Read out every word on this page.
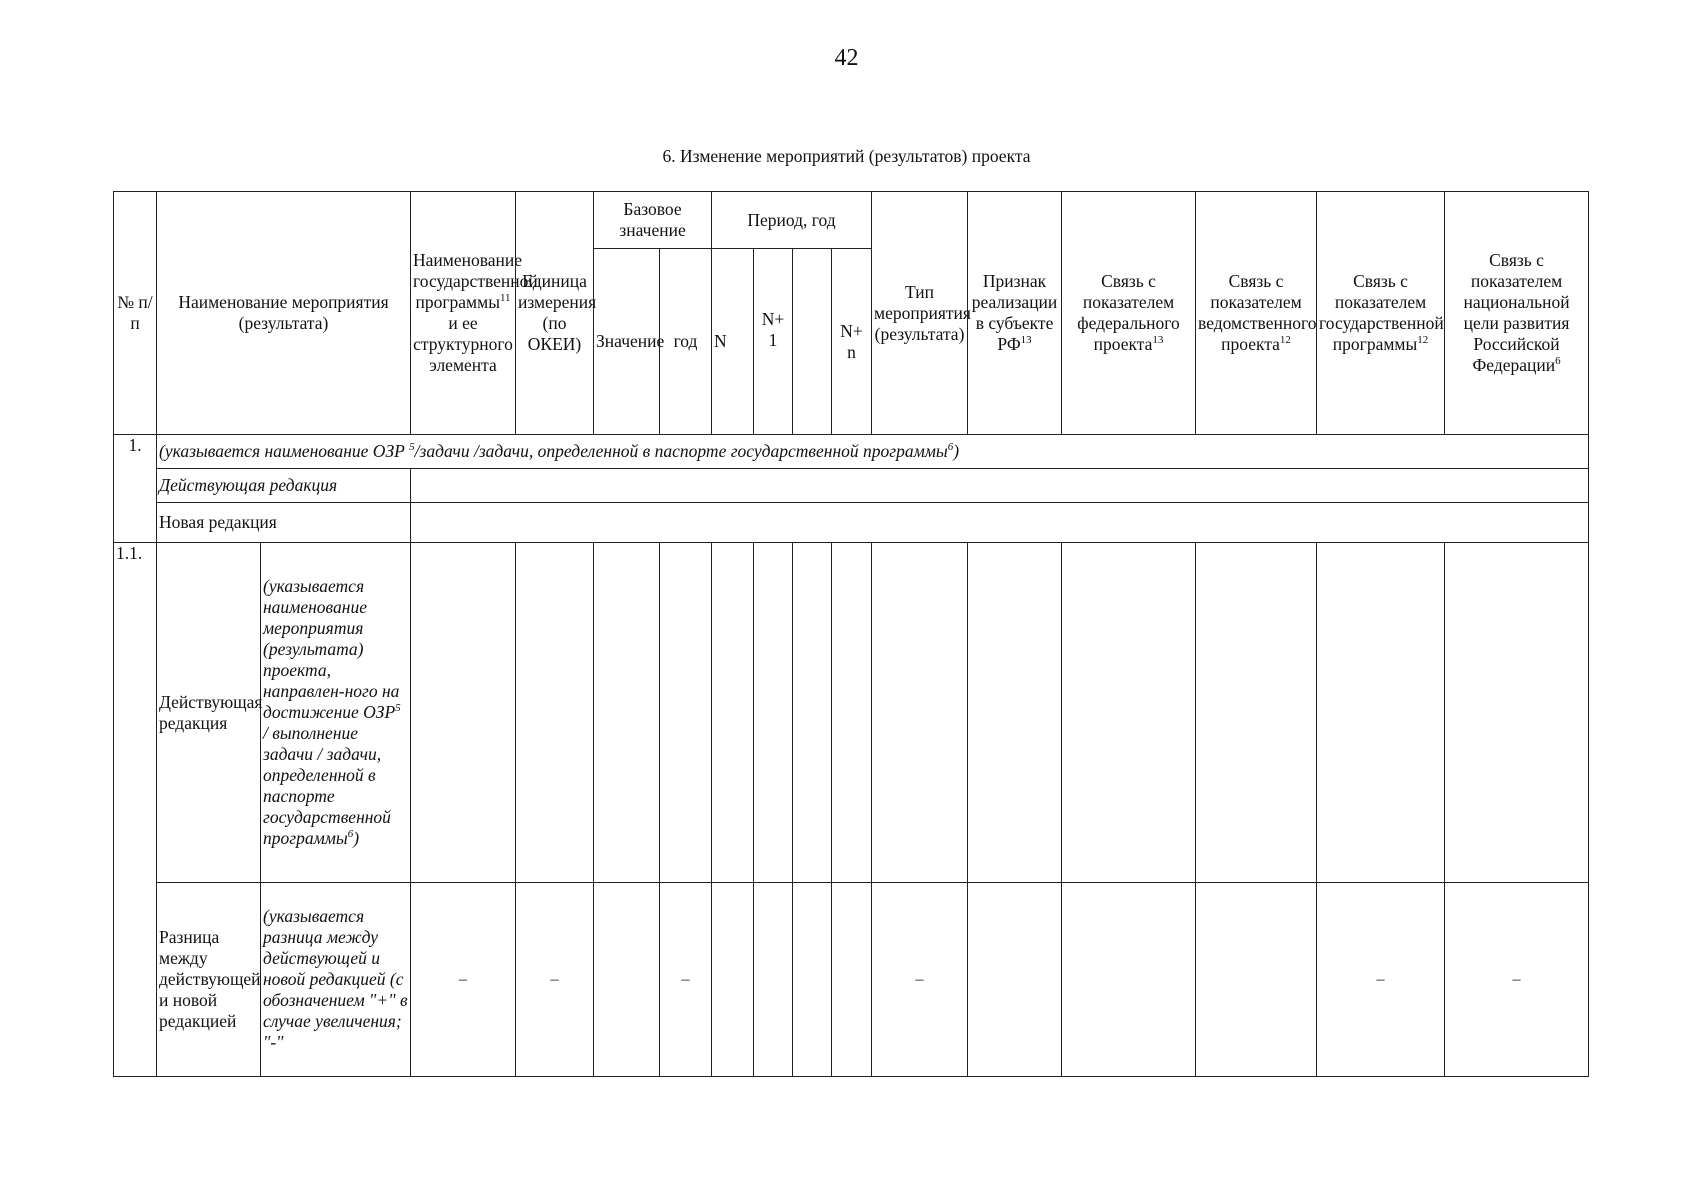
42
6. Изменение мероприятий (результатов) проекта
№ п/п	Наименование мероприятия (результата)		Наименование государственной программы$^{11}$ и ее структурного элемента	Единица измерения (по ОКЕИ)	Базовое значение		Период, год				Тип мероприятия (результата)	Признак реализации в субъекте РФ$^{13}$	Связь с показателем федерального проекта$^{13}$	Связь с показателем ведомственного проекта$^{12}$	Связь с показателем государственной программы$^{12}$	Связь с показателем национальной цели развития Российской Федерации$^6$
					Значение	год	N	N+ 1		N+ n						
1.	(указывается наименование ОЗР $^5$/задачи /задачи, определенной в паспорте государственной программы$^6$)															
	Действующая редакция															
	Новая редакция															
1.1.	Действующая редакция	(указывается наименование мероприятия (результата) проекта, направлен-ного на достижение ОЗР$^5$ / выполнение задачи / задачи, определенной в паспорте государственной программы$^6$)														
	Разница между действующей и новой редакцией	(указывается разница между действующей и новой редакцией (с обозначением "+" в случае увеличения; "-"	–	–		–					–				–	–
